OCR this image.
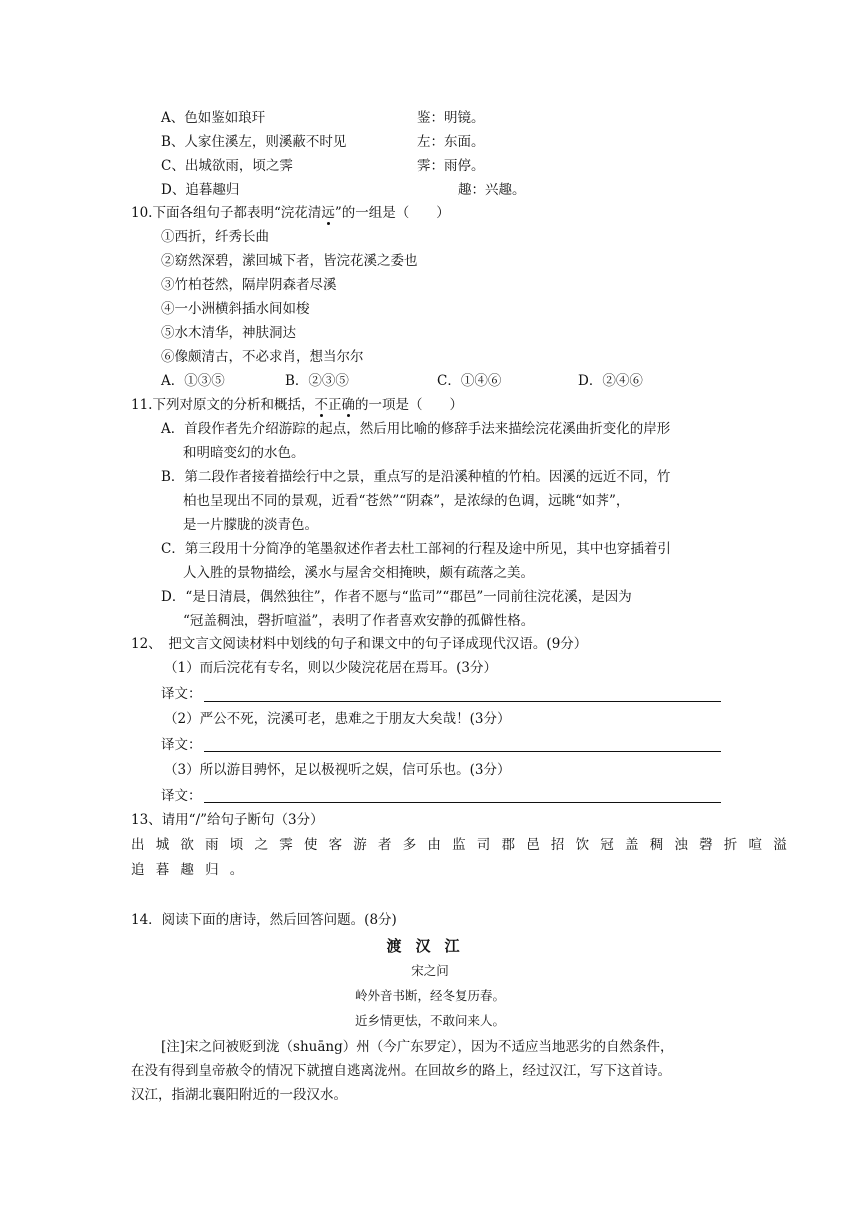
A、色如鉴如琅玕	鉴：明镜。
B、人家住溪左，则溪蔽不时见	左：东面。
C、出城欲雨，顷之霁	霁：雨停。
D、追暮趣归	趣：兴趣。
10.下面各组句子都表明“浣花清远”的一组是（　　）
①西折，纤秀长曲
②窈然深碧，潆回城下者，皆浣花溪之委也
③竹柏苍然，隔岸阴森者尽溪
④一小洲横斜插水间如梭
⑤水木清华，神肤洞达
⑥像颇清古，不必求肖，想当尔尔
A．①③⑤	B．②③⑤	C．①④⑥	D．②④⑥
11.下列对原文的分析和概括，不正确的一项是（　　）
A．首段作者先介绍游踪的起点，然后用比喻的修辞手法来描绘浣花溪曲折变化的岸形
和明暗变幻的水色。
B．第二段作者接着描绘行中之景，重点写的是沿溪种植的竹柏。因溪的远近不同，竹
柏也呈现出不同的景观，近看“苍然”“阴森”，是浓绿的色调，远眺“如荠”，
是一片朦胧的淡青色。
C．第三段用十分简净的笔墨叙述作者去杜工部祠的行程及途中所见，其中也穿插着引
人入胜的景物描绘，溪水与屋舍交相掩映，颇有疏落之美。
D．“是日清晨，偶然独往”，作者不愿与“监司”“郡邑”一同前往浣花溪，是因为
“冠盖稠浊，磬折喧溢”，表明了作者喜欢安静的孤僻性格。
12、　把文言文阅读材料中划线的句子和课文中的句子译成现代汉语。(9分）
（1）而后浣花有专名，则以少陵浣花居在焉耳。(3分）
译文：
（2）严公不死，浣溪可老，患难之于朋友大矣哉！(3分）
译文：
（3）所以游目骋怀，足以极视听之娱，信可乐也。(3分）
译文：
13、请用“/”给句子断句（3分）
出城欲雨顷之霁使客游者多由监司郡邑招饮冠盖稠浊磬折喧溢
追暮趣归。
14．阅读下面的唐诗，然后回答问题。(8分)
渡汉江
宋之问
岭外音书断，经冬复历春。
近乡情更怯，不敢问来人。
[注]宋之问被贬到泷（shuāng）州（今广东罗定），因为不适应当地恶劣的自然条件，
在没有得到皇帝赦令的情况下就擅自逃离泷州。在回故乡的路上，经过汉江，写下这首诗。
汉江，指湖北襄阳附近的一段汉水。
